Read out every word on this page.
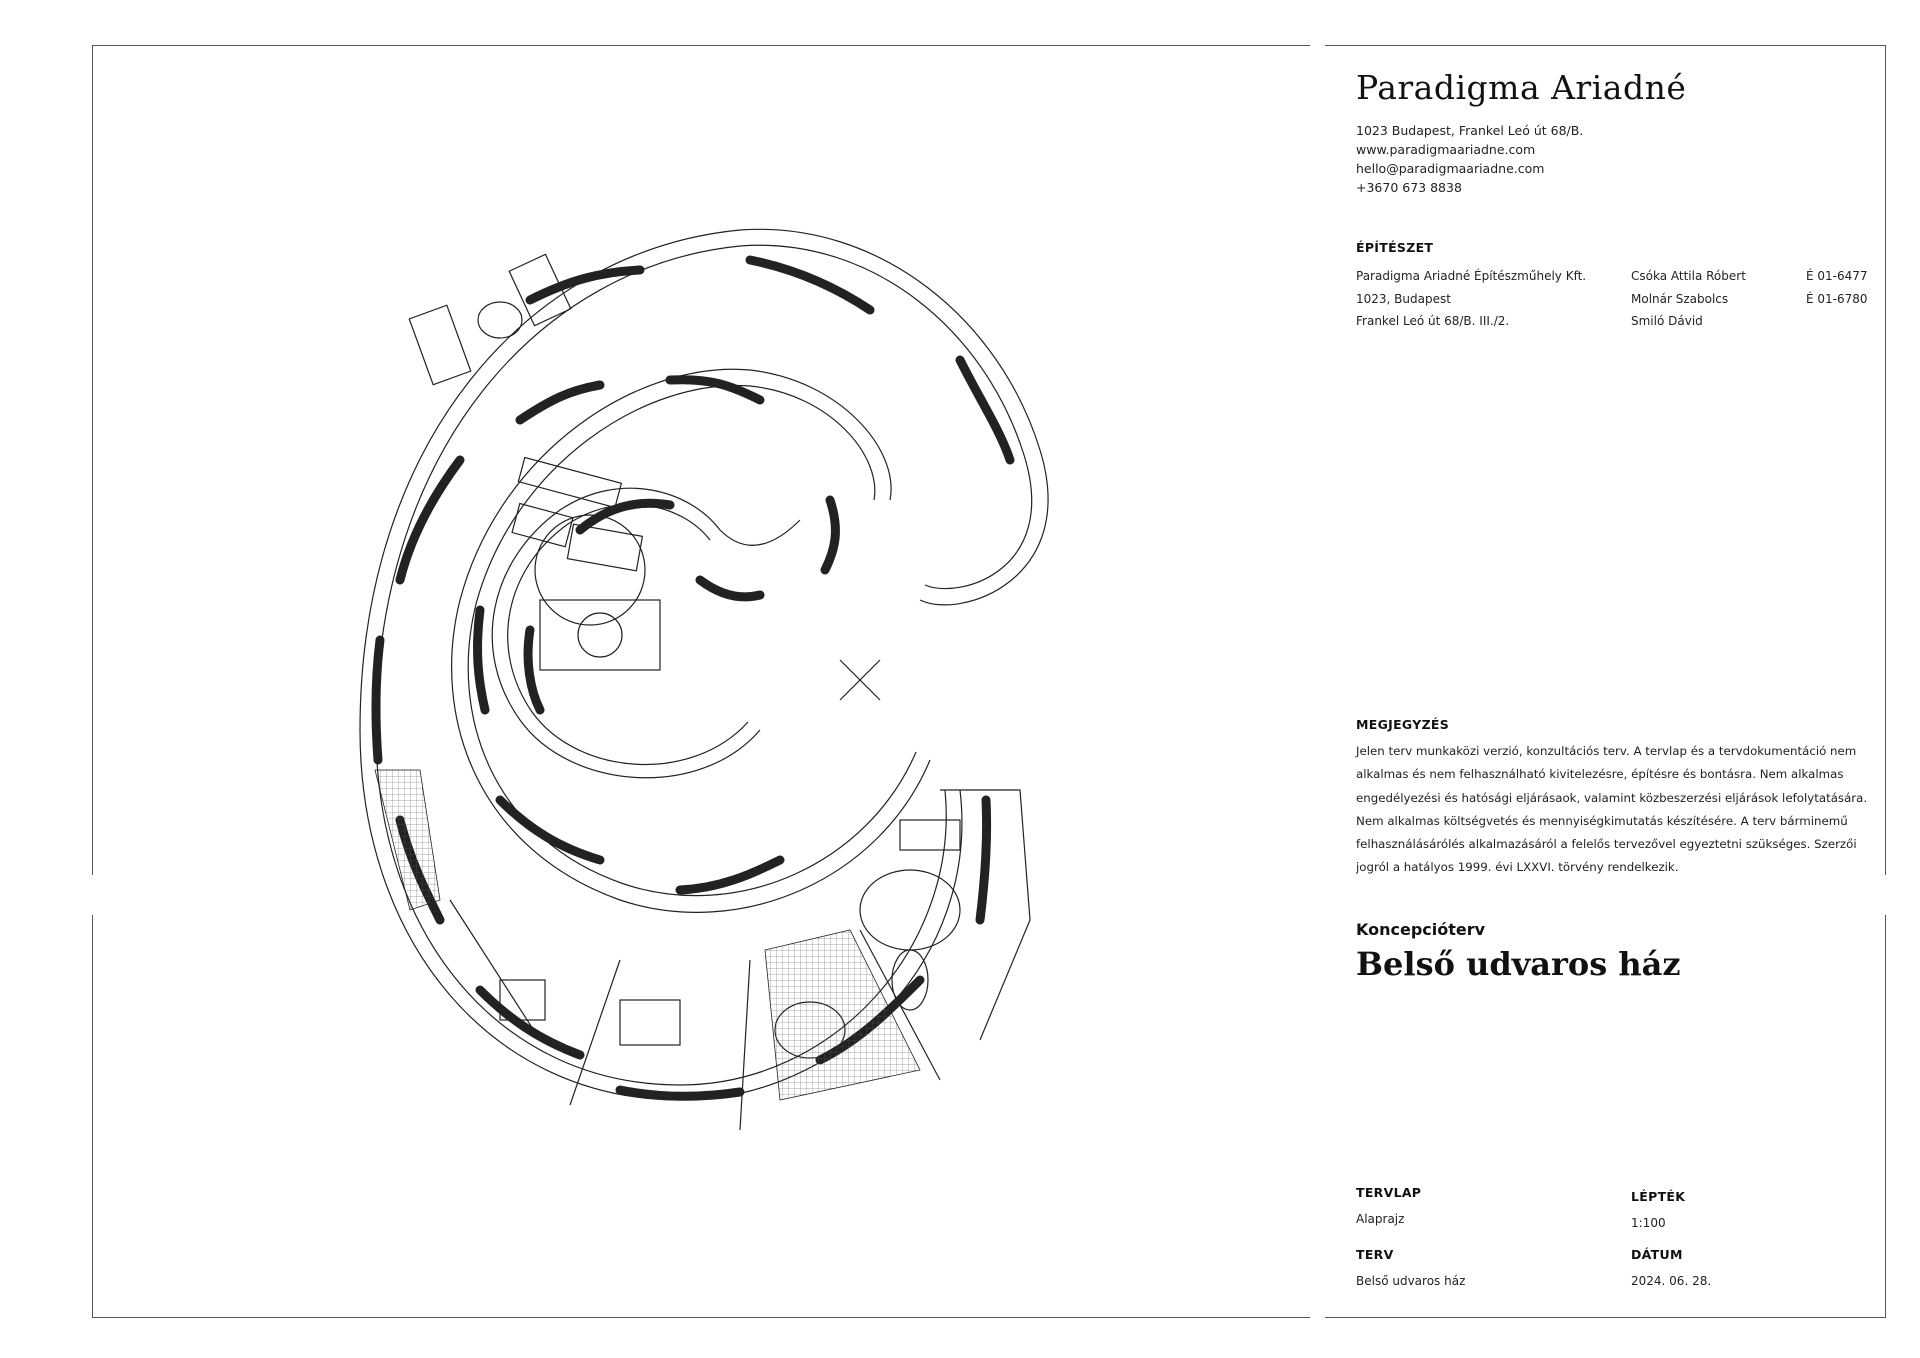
Paradigma Ariadné
1023 Budapest, Frankel Leó út 68/B.
www.paradigmaariadne.com
hello@paradigmaariadne.com
+3670 673 8838
ÉPÍTÉSZET
Paradigma Ariadné Építészműhely Kft.
1023, Budapest
Frankel Leó út 68/B. III./2.
Csóka Attila Róbert
Molnár Szabolcs
Smiló Dávid
É 01-6477
É 01-6780
MEGJEGYZÉS
Jelen terv munkaközi verzió, konzultációs terv. A tervlap és a tervdokumentáció nem alkalmas és nem felhasználható kivitelezésre, építésre és bontásra. Nem alkalmas engedélyezési és hatósági eljárásaok, valamint közbeszerzési eljárások lefolytatására. Nem alkalmas költségvetés és mennyiségkimutatás készítésére. A terv bárminemű felhasználásárólés alkalmazásáról a felelős tervezővel egyeztetni szükséges. Szerzői jogról a hatályos 1999. évi LXXVI. törvény rendelkezik.
Koncepcióterv
Belső udvaros ház
TERVLAP
Alaprajz
LÉPTÉK
1:100
TERV
Belső udvaros ház
DÁTUM
2024. 06. 28.
